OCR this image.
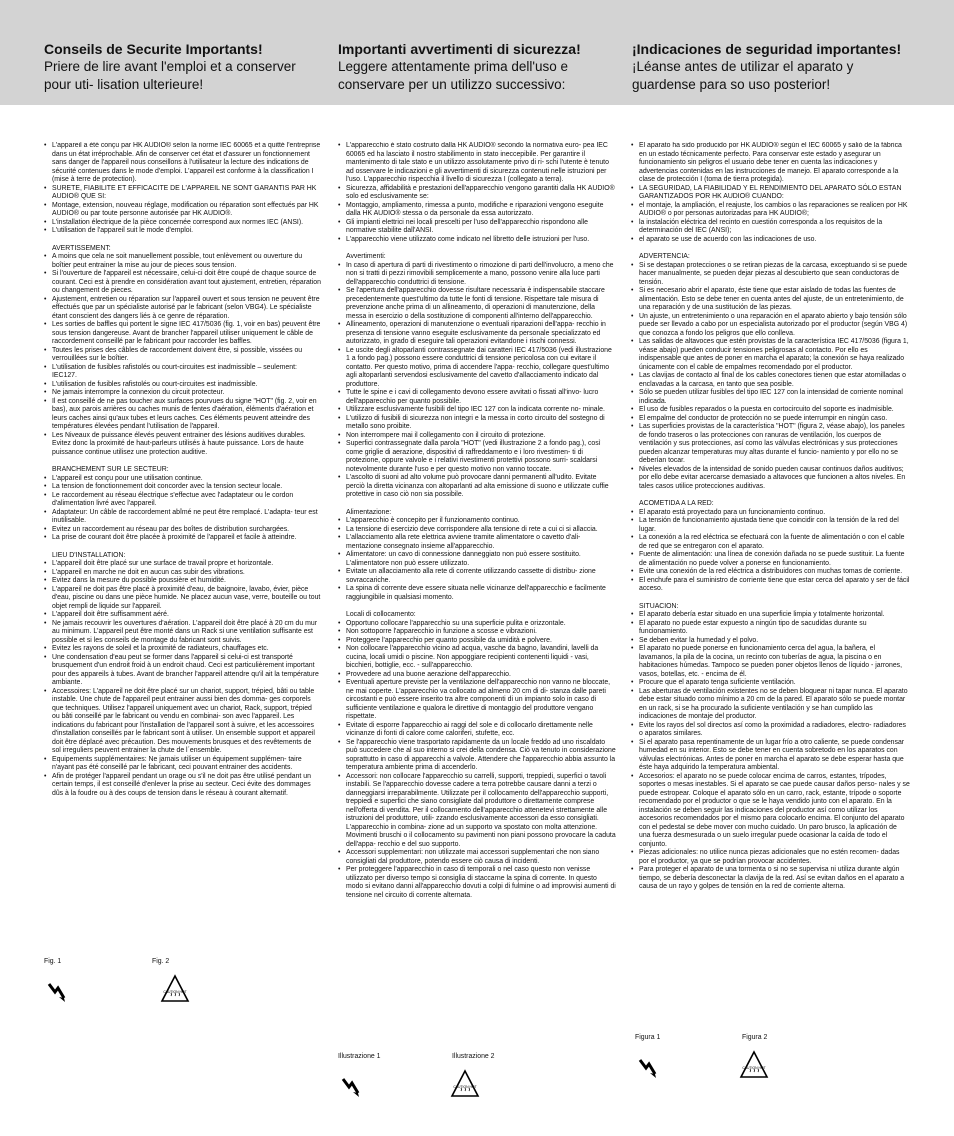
Conseils de Securite Importants!

Priere de lire avant l'emploi et a conserver pour uti- lisation ulterieure!

Importanti avvertimenti di sicurezza!

Leggere attentamente prima dell'uso e conservare per un utilizzo successivo:

¡Indicaciones de seguridad importantes!

¡Léanse antes de utilizar el aparato y guardense para so uso posterior!

• L'appareil a été conçu par HK AUDIO® selon la norme IEC 60065 et a quitté l'entreprise dans un état irréprochable. Afin de conserver cet état et d'assurer un fonctionnement sans danger de l'appareil nous conseillons à l'utilisateur la lecture des indications de sécurité contenues dans le mode d'emploi. L'appareil est conforme à la classification I (mise à terre de protection).
• SURETE, FIABILITE ET EFFICACITE DE L'APPAREIL NE SONT GARANTIS PAR HK AUDIO® QUE SI:
• Montage, extension, nouveau réglage, modification ou réparation sont effectués par HK AUDIO® ou par toute personne autorisée par HK AUDIO®.
• L'installation électrique de la pièce concernée correspond aux normes IEC (ANSI).
• L'utilisation de l'appareil suit le mode d'emploi.
AVERTISSEMENT:
• A moins que cela ne soit manuellement possible, tout enlèvement ou ouverture du boîtier peut entrainer la mise au jour de pieces sous tension.
• Si l'ouverture de l'appareil est nécessaire, celui-ci doit être coupé de chaque source de courant. Ceci est à prendre en considération avant tout ajustement, entretien, réparation ou changement de pieces.
• Ajustement, entretien ou réparation sur l'appareil ouvert et sous tension ne peuvent être effectués que par un spécialiste autorisé par le fabricant (selon VBG4). Le spécialiste étant conscient des dangers liés à ce genre de réparation.
• Les sorties de baffles qui portent le signe IEC 417/5036 (fig. 1, voir en bas) peuvent être sous tension dangereuse. Avant de brancher l'appareil utiliser uniquement le câble de raccordement conseillé par le fabricant pour raccorder les baffles.
• Toutes les prises des câbles de raccordement doivent être, si possible, vissées ou verrouillées sur le boîtier.
• L'utilisation de fusibles rafistolés ou court-circuites est inadmissible – seulement: IEC127.
• L'utilisation de fusibles rafistolés ou court-circuites est inadmissible.
• Ne jamais interrompre la connexion du circuit protecteur.
• Il est conseillé de ne pas toucher aux surfaces pourvues du signe "HOT" (fig. 2, voir en bas), aux parois arrières ou caches munis de fentes d'aération, éléments d'aération et leurs caches ainsi qu'aux tubes et leurs caches. Ces éléments peuvent atteindre des températures élevées pendant l'utilisation de l'appareil.
• Les Niveaux de puissance élevés peuvent entrainer des lésions auditives durables. Evitez donc la proximité de haut-parleurs utilisés à haute puissance. Lors de haute puissance continue utilisez une protection auditive.
BRANCHEMENT SUR LE SECTEUR:
• L'appareil est conçu pour une utilisation continue.
• La tension de fonctionnement doit concorder avec la tension secteur locale.
• Le raccordement au réseau électrique s'effectue avec l'adaptateur ou le cordon d'alimentation livré avec l'appareil.
• Adaptateur: Un câble de raccordement abîmé ne peut être remplacé. L'adapta- teur est inutilisable.
• Evitez un raccordement au réseau par des boîtes de distribution surchargées.
• La prise de courant doit être placée à proximité de l'appareil et facile à atteindre.
LIEU D'INSTALLATION:
• L'appareil doit être placé sur une surface de travail propre et horizontale.
• L'appareil en marche ne doit en aucun cas subir des vibrations.
• Evitez dans la mesure du possible poussière et humidité.
• L'appareil ne doit pas être placé à proximité d'eau, de baignoire, lavabo, évier, pièce d'eau, piscine ou dans une pièce humide. Ne placez aucun vase, verre, bouteille ou tout objet rempli de liquide sur l'appareil.
• L'appareil doit être suffisamment aéré.
• Ne jamais recouvrir les ouvertures d'aération. L'appareil doit être placé à 20 cm du mur au minimum. L'appareil peut être monté dans un Rack si une ventilation suffisante est possible et si les conseils de montage du fabricant sont suivis.
• Evitez les rayons de soleil et la proximité de radiateurs, chauffages etc.
• Une condensation d'eau peut se former dans l'appareil si celui-ci est transporté brusquement d'un endroit froid à un endroit chaud. Ceci est particulièrement important pour des appareils à tubes. Avant de brancher l'appareil attendre qu'il ait la température ambiante.
• Accessoires: L'appareil ne doit être placé sur un chariot, support, trépied, bâti ou table instable. Une chute de l'appareil peut entrainer aussi bien des domma- ges corporels que techniques. Utilisez l'appareil uniquement avec un chariot, Rack, support, trépied ou bâti conseillé par le fabricant ou vendu en combinai- son avec l'appareil. Les indications du fabricant pour l'installation de l'appareil sont à suivre, et les accessoires d'installation conseillés par le fabricant sont à utiliser. Un ensemble support et appareil doit être déplacé avec précaution. Des mouvements brusques et des revêtements de sol irreguliers peuvent entrainer la chute de l´ensemble.
• Equipements supplémentaires: Ne jamais utiliser un équipement supplémen- taire n'ayant pas été conseillé par le fabricant, ceci pouvant entrainer des accidents.
• Afin de protéger l'appareil pendant un orage ou s'il ne doit pas être utilisé pendant un certain temps, il est conseillé d'enlever la prise au secteur. Ceci évite des dommages dûs à la foudre ou à des coups de tension dans le réseau à courant alternatif.
• L'apparecchio è stato costruito dalla HK AUDIO® secondo la normativa euro- pea IEC 60065 ed ha lasciato il nostro stabilimento in stato ineccepibile. Per garantire il mantenimento di tale stato e un utilizzo assolutamente privo di ri- schi l'utente è tenuto ad osservare le indicazioni e gli avvertimenti di sicurezza contenuti nelle istruzioni per l'uso. L'apparecchio rispecchia il livello di sicurezza I (collegato a terra).
• Sicurezza, affidabilità e prestazioni dell'apparecchio vengono garantiti dalla HK AUDIO® solo ed esclusivamente se:
• Montaggio, ampliamento, rimessa a punto, modifiche e riparazioni vengono eseguite dalla HK AUDIO® stessa o da personale da essa autorizzato.
• Gli impianti elettrici nei locali prescelti per l'uso dell'apparecchio rispondono alle normative stabilite dall'ANSI.
• L'apparecchio viene utilizzato come indicato nel libretto delle istruzioni per l'uso.
Avvertimenti:
• In caso di apertura di parti di rivestimento o rimozione di parti dell'involucro, a meno che non si tratti di pezzi rimovibili semplicemente a mano, possono venire alla luce parti dell'apparecchio conduttrici di tensione.
• Se l'apertura dell'apparecchio dovesse risultare necessaria è indispensabile staccare precedentemente quest'ultimo da tutte le fonti di tensione. Rispettare tale misura di prevenzione anche prima di un allineamento, di operazioni di manutenzione, della messa in esercizio o della sostituzione di componenti all'interno dell'apparecchio.
• Allineamento, operazioni di manutenzione o eventuali riparazioni dell'appa- recchio in presenza di tensione vanno eseguite esclusivamente da personale specializzato ed autorizzato, in grado di eseguire tali operazioni evitandone i rischi connessi.
• Le uscite degli altoparlanti contrassegnate dai caratteri IEC 417/5036 (vedi illustrazione 1 a fondo pag.) possono essere conduttrici di tensione pericolosa con cui evitare il contatto. Per questo motivo, prima di accendere l'appa- recchio, collegare quest'ultimo agli altoparlanti servendosi esclusivamente del cavetto d'allacciamento indicato dal produttore.
• Tutte le spine e i cavi di collegamento devono essere avvitati o fissati all'invo- lucro dell'apparecchio per quanto possibile.
• Utilizzare esclusivamente fusibili del tipo IEC 127 con la indicata corrente no- minale.
• L'utilizzo di fusibili di sicurezza non integri e la messa in corto circuito del sostegno di metallo sono proibite.
• Non interrompere mai il collegamento con il circuito di protezione.
• Superfici contrassegnate dalla parola "HOT" (vedi illustrazione 2 a fondo pag.), così come griglie di aerazione, dispositivi di raffreddamento e i loro rivestimen- ti di protezione, oppure valvole e i relativi rivestimenti protettivi possono surri- scaldarsi notevolmente durante l'uso e per questo motivo non vanno toccate.
• L'ascolto di suoni ad alto volume può provocare danni permanenti all'udito. Evitate perciò la diretta vicinanza con altoparlanti ad alta emissione di suono e utilizzate cuffie protettive in caso ciò non sia possibile.
Alimentazione:
• L'apparecchio è concepito per il funzionamento continuo.
• La tensione di esercizio deve corrispondere alla tensione di rete a cui ci si allaccia.
• L'allacciamento alla rete elettrica avviene tramite alimentatore o cavetto d'ali- mentazione consegnato insieme all'apparecchio.
• Alimentatore: un cavo di connessione danneggiato non può essere sostituito. L'alimentatore non può essere utilizzato.
• Evitate un allacciamento alla rete di corrente utilizzando cassette di distribu- zione sovraccariche.
• La spina di corrente deve essere situata nelle vicinanze dell'apparecchio e facilmente raggiungibile in qualsiasi momento.
Locali di collocamento:
• Opportuno collocare l'apparecchio su una superficie pulita e orizzontale.
• Non sottoporre l'apparecchio in funzione a scosse e vibrazioni.
• Proteggere l'apparecchio per quanto possibile da umidità e polvere.
• Non collocare l'apparecchio vicino ad acqua, vasche da bagno, lavandini, lavelli da cucina, locali umidi o piscine. Non appoggiare recipienti contenenti liquidi - vasi, bicchieri, bottiglie, ecc. - sull'apparecchio.
• Provvedere ad una buone aerazione dell'apparecchio.
• Eventuali aperture previste per la ventilazione dell'apparecchio non vanno ne bloccate, ne mai coperte. L'apparecchio va collocato ad almeno 20 cm di di- stanza dalle pareti circostanti e può essere inserito tra altre componenti di un impianto solo in caso di sufficiente ventilazione e qualora le direttive di montaggio del produttore vengano rispettate.
• Evitate di esporre l'apparecchio ai raggi del sole e di collocarlo direttamente nelle vicinanze di fonti di calore come caloriferi, stufette, ecc.
• Se l'apparecchio viene trasportato rapidamente da un locale freddo ad uno riscaldato può succedere che al suo interno si crei della condensa. Ciò va tenuto in considerazione soprattutto in caso di apparecchi a valvole. Attendere che l'apparecchio abbia assunto la temperatura ambiente prima di accenderlo.
• Accessori: non collocare l'apparecchio su carrelli, supporti, treppiedi, superfici o tavoli instabili. Se l'apparecchio dovesse cadere a terra potrebbe causare danni a terzi o danneggiarsi irreparabilmente. Utilizzate per il collocamento dell'apparecchio supporti, treppiedi e superfici che siano consigliate dal produttore o direttamente comprese nell'offerta di vendita. Per il collocamento dell'apparecchio attenetevi strettamente alle istruzioni del produttore, utili- zzando esclusivamente accessori da esso consigliati. L'apparecchio in combina- zione ad un supporto va spostato con molta attenzione. Movimenti bruschi o il collocamento su pavimenti non piani possono provocare la caduta dell'appa- recchio e del suo supporto.
• Accessori supplementari: non utilizzate mai accessori supplementari che non siano consigliati dal produttore, potendo essere ciò causa di incidenti.
• Per proteggere l'apparecchio in caso di temporali o nel caso questo non venisse utilizzato per diverso tempo si consiglia di staccarne la spina di corrente. In questo modo si evitano danni all'apparecchio dovuti a colpi di fulmine o ad improvvisi aumenti di tensione nel circuito di corrente alternata.
• El aparato ha sido producido por HK AUDIO® según el IEC 60065 y salió de la fábrica en un estado técnicamente perfecto. Para conservar este estado y asegurar un funcionamiento sin peligros el usuario debe tener en cuenta las indicaciones y advertencias contenidas en las instrucciones de manejo. El aparato corresponde a la clase de protección I (toma de tierra protegida).
• LA SEGURIDAD, LA FIABILIDAD Y EL RENDIMIENTO DEL APARATO SÓLO ESTAN GARANTIZADOS POR HK AUDIO® CUANDO:
• el montaje, la ampliación, el reajuste, los cambios o las reparaciones se realicen por HK AUDIO® o por personas autorizadas para HK AUDIO®;
• la instalación eléctrica del recinto en cuestión corresponda a los requisitos de la determinación del IEC (ANSI);
• el aparato se use de acuerdo con las indicaciones de uso.
ADVERTENCIA:
• Si se destapan protecciones o se retiran piezas de la carcasa, exceptuando si se puede hacer manualmente, se pueden dejar piezas al descubierto que sean conductoras de tensión.
• Si es necesario abrir el aparato, éste tiene que estar aislado de todas las fuentes de alimentación. Esto se debe tener en cuenta antes del ajuste, de un entretenimiento, de una reparación y de una sustitución de las piezas.
• Un ajuste, un entretenimiento o una reparación en el aparato abierto y bajo tensión sólo puede ser llevado a cabo por un especialista autorizado por el productor (según VBG 4) que conozca a fondo los peligros que ello conlleva.
• Las salidas de altavoces que estén provistas de la característica IEC 417/5036 (figura 1, véase abajo) pueden conducir tensiones peligrosas al contacto. Por ello es indispensable que antes de poner en marcha el aparato; la conexión se haya realizado únicamente con el cable de empalmes recomendado por el productor.
• Las clavijas de contacto al final de los cables conectores tienen que estar atornilladas o enclavadas a la carcasa, en tanto que sea posible.
• Sólo se pueden utilizar fusibles del tipo IEC 127 con la intensidad de corriente nominal indicada.
• El uso de fusibles reparados o la puesta en cortocircuito del soporte es inadmisible.
• El empalme del conductor de protección no se puede interrumpir en ningún caso.
• Las superficies provistas de la característica "HOT" (figura 2, véase abajo), los paneles de fondo traseros o las protecciones con ranuras de ventilación, los cuerpos de ventilación y sus protecciones, así como las válvulas electrónicas y sus protecciones pueden alcanzar temperaturas muy altas durante el funcio- namiento y por ello no se deberían tocar.
• Niveles elevados de la intensidad de sonido pueden causar continuos daños auditivos; por ello debe evitar acercarse demasiado a altavoces que funcionen a altos niveles. En tales casos utilice protecciones auditivas.
ACOMETIDA A LA RED:
• El aparato está proyectado para un funcionamiento continuo.
• La tensión de funcionamiento ajustada tiene que coincidir con la tensión de la red del lugar.
• La conexión a la red eléctrica se efectuará con la fuente de alimentación o con el cable de red que se entregaron con el aparato.
• Fuente de alimentación: una línea de conexión dañada no se puede sustituir. La fuente de alimentación no puede volver a ponerse en funcionamiento.
• Evite una conexión de la red eléctrica a distribuidores con muchas tomas de corriente.
• El enchufe para el suministro de corriente tiene que estar cerca del aparato y ser de fácil acceso.
SITUACION:
• El aparato debería estar situado en una superficie limpia y totalmente horizontal.
• El aparato no puede estar expuesto a ningún tipo de sacudidas durante su funcionamiento.
• Se deben evitar la humedad y el polvo.
• El aparato no puede ponerse en funcionamiento cerca del agua, la bañera, el lavamanos, la pila de la cocina, un recinto con tuberías de agua, la piscina o en habitaciones húmedas. Tampoco se pueden poner objetos llenos de líquido - jarrones, vasos, botellas, etc. - encima de él.
• Procure que el aparato tenga suficiente ventilación.
• Las aberturas de ventilación existentes no se deben bloquear ni tapar nunca. El aparato debe estar situado como mínimo a 20 cm de la pared. El aparato sólo se puede montar en un rack, si se ha procurado la suficiente ventilación y se han cumplido las indicaciones de montaje del productor.
• Evite los rayos del sol directos así como la proximidad a radiadores, electro- radiadores o aparatos similares.
• Si el aparato pasa repentinamente de un lugar frío a otro caliente, se puede condensar humedad en su interior. Esto se debe tener en cuenta sobretodo en los aparatos con válvulas electrónicas. Antes de poner en marcha el aparato se debe esperar hasta que éste haya adquirido la temperatura ambiental.
• Accesorios: el aparato no se puede colocar encima de carros, estantes, trípodes, soportes o mesas inestables. Si el aparato se cae puede causar daños perso- nales y se puede estropear. Coloque el aparato sólo en un carro, rack, estante, trípode o soporte recomendado por el productor o que se le haya vendido junto con el aparato. En la instalación se deben seguir las indicaciones del productor así como utilizar los accesorios recomendados por el mismo para colocarlo encima. El conjunto del aparato con el pedestal se debe mover con mucho cuidado. Un paro brusco, la aplicación de una fuerza desmesurada o un suelo irregular puede ocasionar la caída de todo el conjunto.
• Piezas adicionales: no utilice nunca piezas adicionales que no estén recomen- dadas por el productor, ya que se podrían provocar accidentes.
• Para proteger el aparato de una tormenta o si no se supervisa ni utiliza durante algún tiempo, se debería desconectar la clavija de la red. Así se evitan daños en el aparato a causa de un rayo y golpes de tensión en la red de corriente alterna.
Fig. 1	Fig. 2
CAUTION HOT
Illustrazione 1	Illustrazione 2
CAUTION HOT
Figura 1	Figura 2
CAUTION HOT
